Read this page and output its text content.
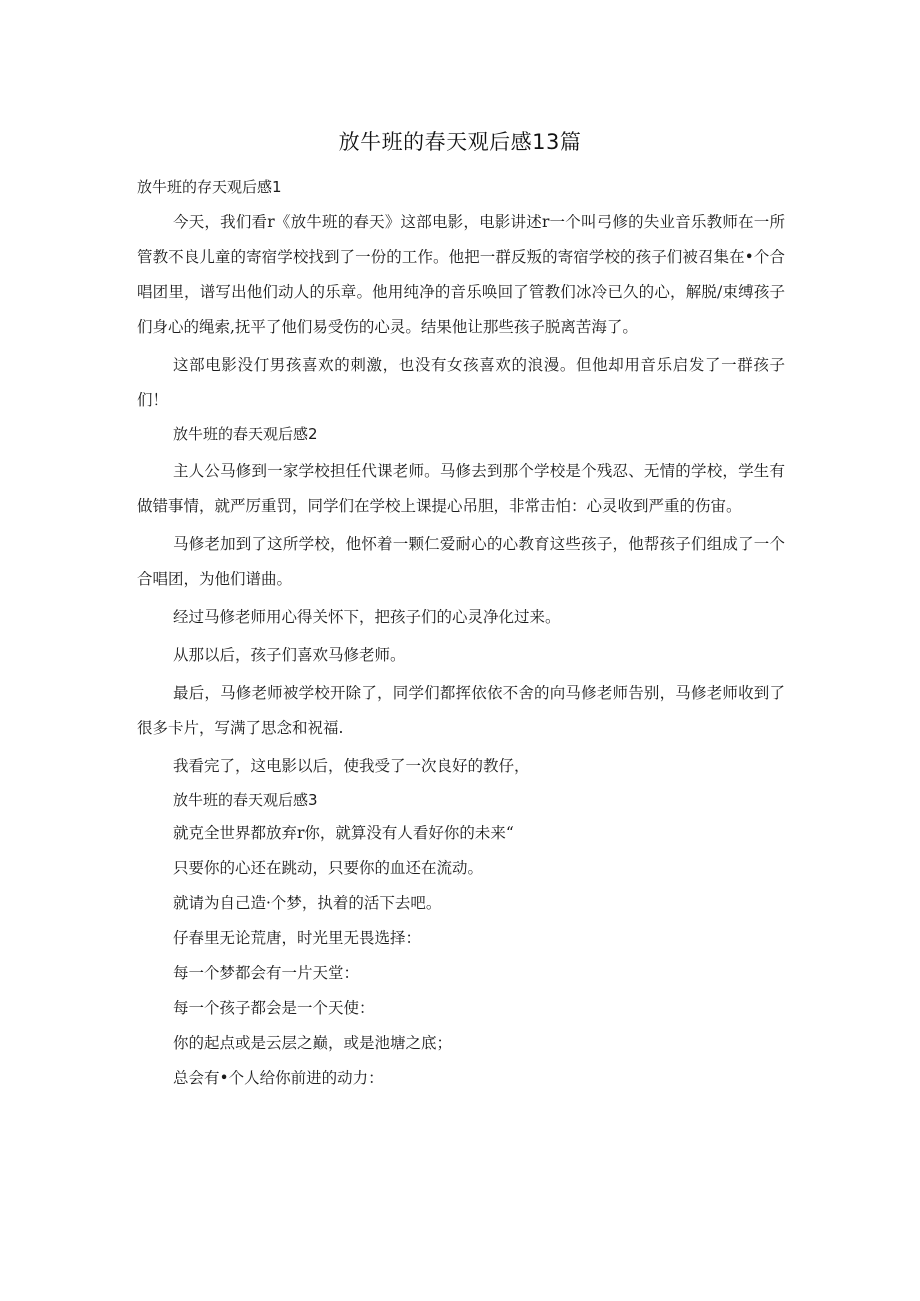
放牛班的春天观后感13篇
放牛班的存天观后感1

今天，我们看r《放牛班的春天》这部电影，电影讲述r一个叫弓修的失业音乐教师在一所管教不良儿童的寄宿学校找到了一份的工作。他把一群反叛的寄宿学校的孩子们被召集在•个合唱团里，谱写出他们动人的乐章。他用纯净的音乐唤回了管教们冰冷已久的心，解脱/束缚孩子们身心的绳索,抚平了他们易受伤的心灵。结果他让那些孩子脱离苦海了。

这部电影没仃男孩喜欢的刺激，也没有女孩喜欢的浪漫。但他却用音乐启发了一群孩子们！

放牛班的春天观后感2

主人公马修到一家学校担任代课老师。马修去到那个学校是个残忍、无情的学校，学生有做错事情，就严厉重罚，同学们在学校上课提心吊胆，非常击怕：心灵收到严重的伤宙。

马修老加到了这所学校，他怀着一颗仁爱耐心的心教育这些孩子，他帮孩子们组成了一个合唱团，为他们谱曲。

经过马修老师用心得关怀下，把孩子们的心灵净化过来。

从那以后，孩子们喜欢马修老师。

最后，马修老师被学校开除了，同学们都挥依依不舍的向马修老师告别，马修老师收到了很多卡片，写满了思念和祝福.

我看完了，这电影以后，使我受了一次良好的教仔，

放牛班的春天观后感3
就克全世界都放弃r你，就算没有人看好你的未来“
只要你的心还在跳动，只要你的血还在流动。
就请为自己造·个梦，执着的活下去吧。
仔春里无论荒唐，时光里无畏选择：
每一个梦都会有一片天堂：
每一个孩子都会是一个天使：
你的起点或是云层之巅，或是池塘之底；
总会有•个人给你前进的动力：
